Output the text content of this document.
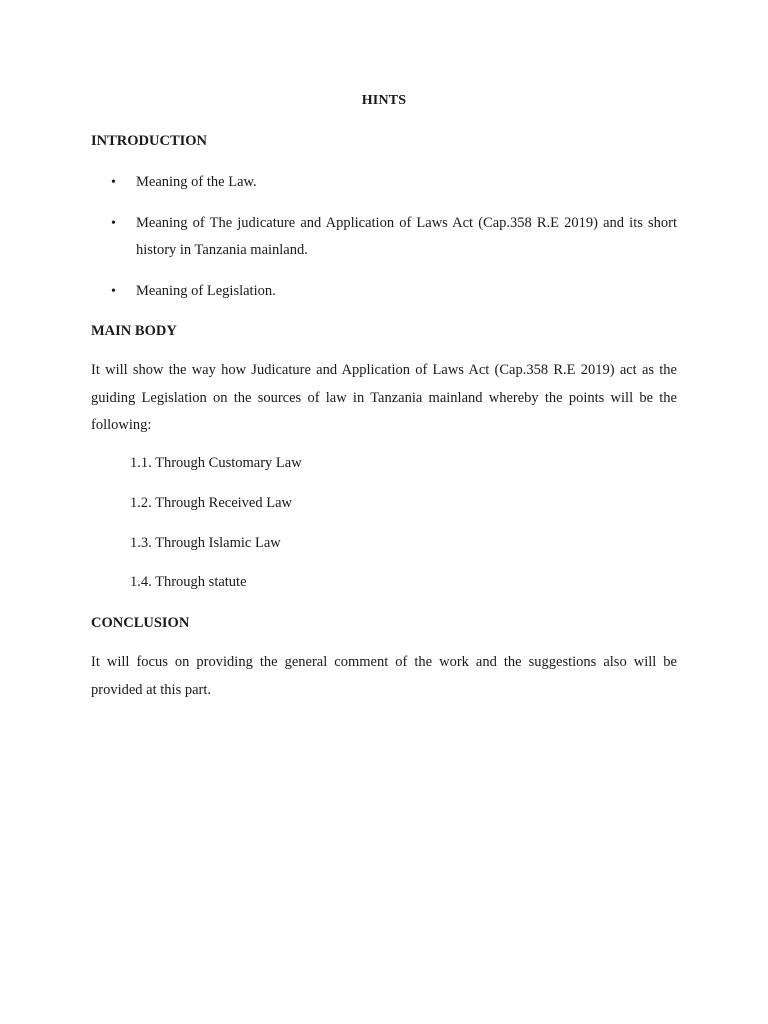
HINTS
INTRODUCTION
• Meaning of the Law.
• Meaning of The judicature and Application of Laws Act (Cap.358 R.E 2019) and its short history in Tanzania mainland.
• Meaning of Legislation.
MAIN BODY
It will show the way how Judicature and Application of Laws Act (Cap.358 R.E 2019) act as the guiding Legislation on the sources of law in Tanzania mainland whereby the points will be the following:
1.1. Through Customary Law
1.2. Through Received Law
1.3. Through Islamic Law
1.4. Through statute
CONCLUSION
It will focus on providing the general comment of the work and the suggestions also will be provided at this part.
